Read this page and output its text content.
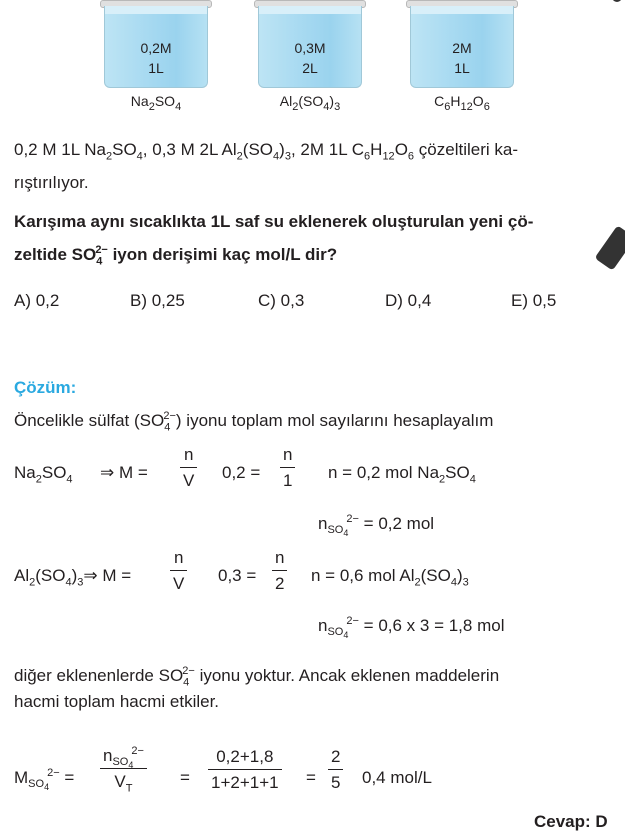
0,2M
1L
$Na_2SO_4$
0,3M
2L
$Al_2(SO_4)_3$
2M
1L
$C_6H_{12}O_6$
0,2 M 1L $Na_2SO_4$, 0,3 M 2L $Al_2(SO_4)_3$, 2M 1L $C_6H_{12}O_6$ çözeltileri ka-
rıştırılıyor.
Karışıma aynı sıcaklıkta 1L saf su eklenerek oluşturulan yeni çö-
zeltide $SO_4^{2-}$ iyon derişimi kaç mol/L dir?
A) 0,2	B) 0,25	C) 0,3	D) 0,4	E) 0,5
Çözüm:
Öncelikle sülfat $(SO_4^{2-})$ iyonu toplam mol sayılarını hesaplayalım
$Na_2SO_4$ ⇒ $M = \frac{n}{V} 0,2 = \frac{n}{1}$ n = 0,2 mol $Na_2SO_4$
$n_{SO_4}^{2-} = 0,2$ mol
$Al_2(SO_4)_3\Rightarrow$ $M = \frac{n}{V} 0,3 = \frac{n}{2}$ n = 0,6 mol $Al_2(SO_4)_3$
$n_{SO_4}^{2-} = 0,6$ x 3 = 1,8 mol
diğer eklenenlerde $SO_4^{2-}$ iyonu yoktur. Ancak eklenen maddelerin
hacmi toplam hacmi etkiler.
$M_{SO_4}^{2-}$ =
$n_{SO_4}^{2-}$
$V_T$
= $\frac{0,2+1,8}{1+2+1+1} = \frac{2}{5} 0,4$ mol/L
Cevap: D
